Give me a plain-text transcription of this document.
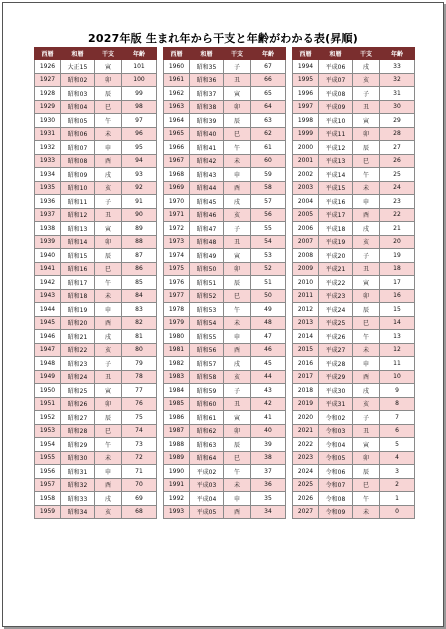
2027年版 生まれ年から干支と年齢がわかる表(昇順)
西暦	和暦	干支	年齢
1926	大正15	寅	101
1927	昭和02	卯	100
1928	昭和03	辰	99
1929	昭和04	巳	98
1930	昭和05	午	97
1931	昭和06	未	96
1932	昭和07	申	95
1933	昭和08	酉	94
1934	昭和09	戌	93
1935	昭和10	亥	92
1936	昭和11	子	91
1937	昭和12	丑	90
1938	昭和13	寅	89
1939	昭和14	卯	88
1940	昭和15	辰	87
1941	昭和16	巳	86
1942	昭和17	午	85
1943	昭和18	未	84
1944	昭和19	申	83
1945	昭和20	酉	82
1946	昭和21	戌	81
1947	昭和22	亥	80
1948	昭和23	子	79
1949	昭和24	丑	78
1950	昭和25	寅	77
1951	昭和26	卯	76
1952	昭和27	辰	75
1953	昭和28	巳	74
1954	昭和29	午	73
1955	昭和30	未	72
1956	昭和31	申	71
1957	昭和32	酉	70
1958	昭和33	戌	69
1959	昭和34	亥	68
西暦	和暦	干支	年齢
1960	昭和35	子	67
1961	昭和36	丑	66
1962	昭和37	寅	65
1963	昭和38	卯	64
1964	昭和39	辰	63
1965	昭和40	巳	62
1966	昭和41	午	61
1967	昭和42	未	60
1968	昭和43	申	59
1969	昭和44	酉	58
1970	昭和45	戌	57
1971	昭和46	亥	56
1972	昭和47	子	55
1973	昭和48	丑	54
1974	昭和49	寅	53
1975	昭和50	卯	52
1976	昭和51	辰	51
1977	昭和52	巳	50
1978	昭和53	午	49
1979	昭和54	未	48
1980	昭和55	申	47
1981	昭和56	酉	46
1982	昭和57	戌	45
1983	昭和58	亥	44
1984	昭和59	子	43
1985	昭和60	丑	42
1986	昭和61	寅	41
1987	昭和62	卯	40
1988	昭和63	辰	39
1989	昭和64	巳	38
1990	平成02	午	37
1991	平成03	未	36
1992	平成04	申	35
1993	平成05	酉	34
西暦	和暦	干支	年齢
1994	平成06	戌	33
1995	平成07	亥	32
1996	平成08	子	31
1997	平成09	丑	30
1998	平成10	寅	29
1999	平成11	卯	28
2000	平成12	辰	27
2001	平成13	巳	26
2002	平成14	午	25
2003	平成15	未	24
2004	平成16	申	23
2005	平成17	酉	22
2006	平成18	戌	21
2007	平成19	亥	20
2008	平成20	子	19
2009	平成21	丑	18
2010	平成22	寅	17
2011	平成23	卯	16
2012	平成24	辰	15
2013	平成25	巳	14
2014	平成26	午	13
2015	平成27	未	12
2016	平成28	申	11
2017	平成29	酉	10
2018	平成30	戌	9
2019	平成31	亥	8
2020	令和02	子	7
2021	令和03	丑	6
2022	令和04	寅	5
2023	令和05	卯	4
2024	令和06	辰	3
2025	令和07	巳	2
2026	令和08	午	1
2027	令和09	未	0
